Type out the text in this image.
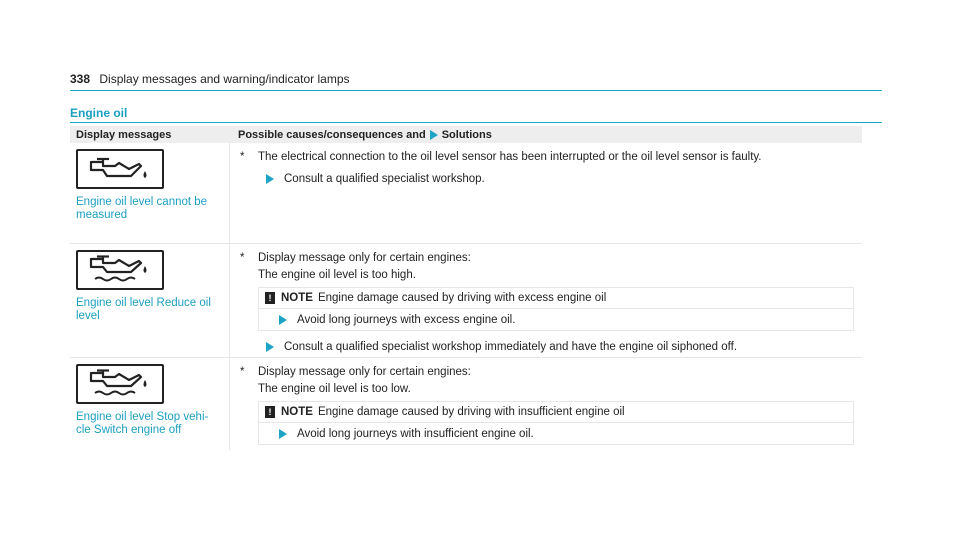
338 Display messages and warning/indicator lamps
Engine oil
Display messages	Possible causes/consequences and Solutions
Engine oil level cannot be measured
*	The electrical connection to the oil level sensor has been interrupted or the oil level sensor is faulty.
Consult a qualified specialist workshop.
Engine oil level Reduce oil level
*	Display message only for certain engines:
The engine oil level is too high.
! NOTE Engine damage caused by driving with excess engine oil
Avoid long journeys with excess engine oil.
Consult a qualified specialist workshop immediately and have the engine oil siphoned off.
Engine oil level Stop vehi- cle Switch engine off
*	Display message only for certain engines:
The engine oil level is too low.
! NOTE Engine damage caused by driving with insufficient engine oil
Avoid long journeys with insufficient engine oil.
